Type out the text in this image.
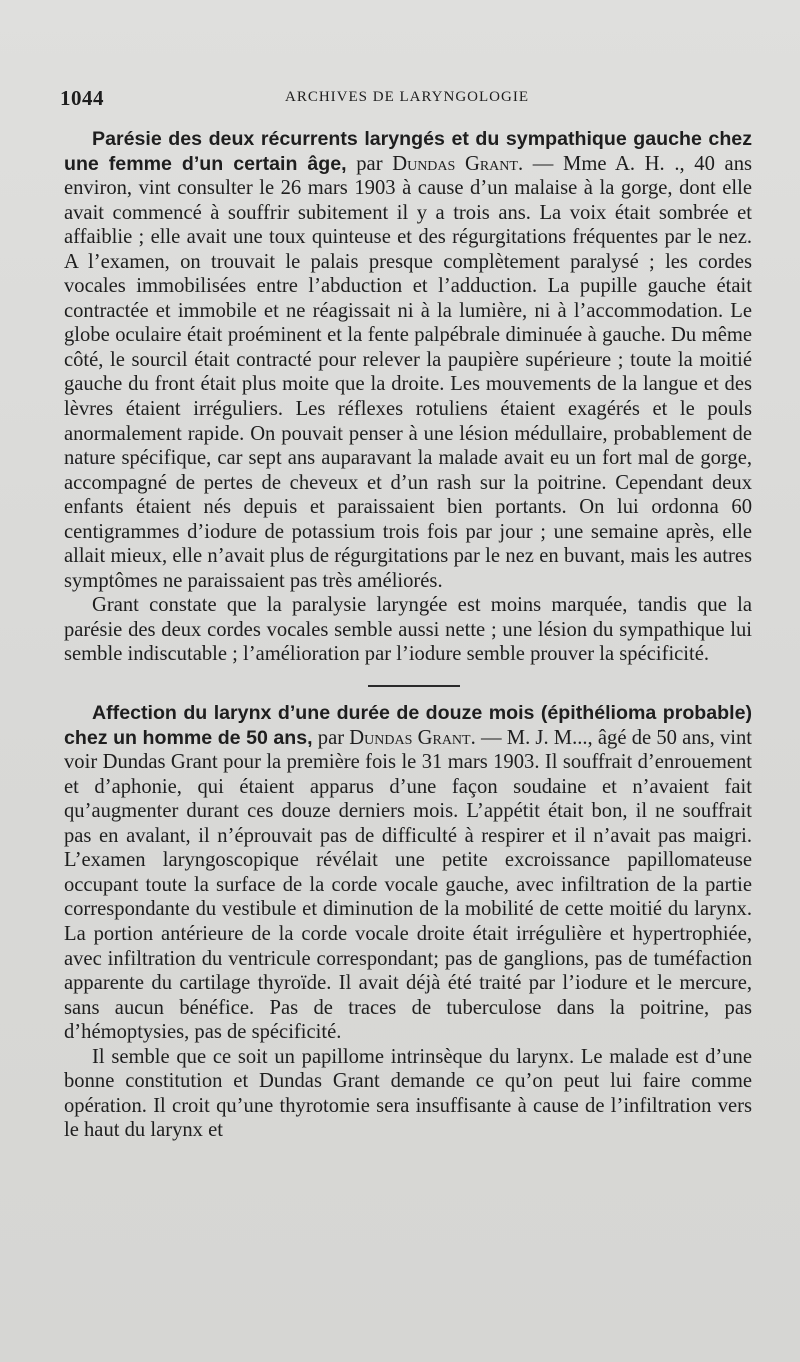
1044	ARCHIVES DE LARYNGOLOGIE

Parésie des deux récurrents laryngés et du sympathique gauche chez une femme d’un certain âge, par Dundas Grant. — Mme A. H. ., 40 ans environ, vint consulter le 26 mars 1903 à cause d’un malaise à la gorge, dont elle avait commencé à souffrir subitement il y a trois ans. La voix était sombrée et affaiblie ; elle avait une toux quinteuse et des régurgitations fréquentes par le nez. A l’examen, on trouvait le palais presque complètement paralysé ; les cordes vocales immobilisées entre l’abduction et l’adduction. La pupille gauche était contractée et immobile et ne réagissait ni à la lumière, ni à l’accommodation. Le globe oculaire était proéminent et la fente palpébrale diminuée à gauche. Du même côté, le sourcil était contracté pour relever la paupière supérieure ; toute la moitié gauche du front était plus moite que la droite. Les mouvements de la langue et des lèvres étaient irréguliers. Les réflexes rotuliens étaient exagérés et le pouls anormalement rapide. On pouvait penser à une lésion médullaire, probablement de nature spécifique, car sept ans auparavant la malade avait eu un fort mal de gorge, accompagné de pertes de cheveux et d’un rash sur la poitrine. Cependant deux enfants étaient nés depuis et paraissaient bien portants. On lui ordonna 60 centigrammes d’iodure de potassium trois fois par jour ; une semaine après, elle allait mieux, elle n’avait plus de régurgitations par le nez en buvant, mais les autres symptômes ne paraissaient pas très améliorés.

Grant constate que la paralysie laryngée est moins marquée, tandis que la parésie des deux cordes vocales semble aussi nette ; une lésion du sympathique lui semble indiscutable ; l’amélioration par l’iodure semble prouver la spécificité.

Affection du larynx d’une durée de douze mois (épithélioma probable) chez un homme de 50 ans, par Dundas Grant. — M. J. M..., âgé de 50 ans, vint voir Dundas Grant pour la première fois le 31 mars 1903. Il souffrait d’enrouement et d’aphonie, qui étaient apparus d’une façon soudaine et n’avaient fait qu’augmenter durant ces douze derniers mois. L’appétit était bon, il ne souffrait pas en avalant, il n’éprouvait pas de difficulté à respirer et il n’avait pas maigri. L’examen laryngoscopique révélait une petite excroissance papillomateuse occupant toute la surface de la corde vocale gauche, avec infiltration de la partie correspondante du vestibule et diminution de la mobilité de cette moitié du larynx. La portion antérieure de la corde vocale droite était irrégulière et hypertrophiée, avec infiltration du ventricule correspondant; pas de ganglions, pas de tuméfaction apparente du cartilage thyroïde. Il avait déjà été traité par l’iodure et le mercure, sans aucun bénéfice. Pas de traces de tuberculose dans la poitrine, pas d’hémoptysies, pas de spécificité.

Il semble que ce soit un papillome intrinsèque du larynx. Le malade est d’une bonne constitution et Dundas Grant demande ce qu’on peut lui faire comme opération. Il croit qu’une thyrotomie sera insuffisante à cause de l’infiltration vers le haut du larynx et
